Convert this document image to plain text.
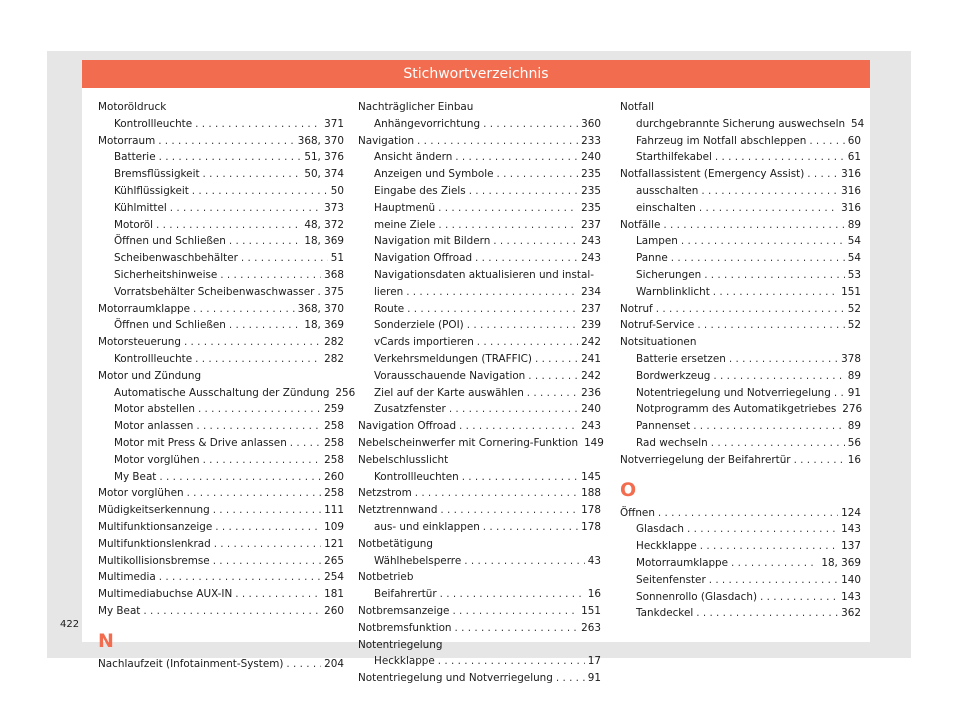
Stichwortverzeichnis
Motoröldruck
Kontrollleuchte . . .	371
Motorraum . . .	368, 370
Batterie . . .	51, 376
Bremsflüssigkeit . . .	50, 374
Kühlflüssigkeit . . .	50
Kühlmittel . . .	373
Motoröl . . .	48, 372
Öffnen und Schließen . . .	18, 369
Scheibenwaschbehälter . . .	51
Sicherheitshinweise . . .	368
Vorratsbehälter Scheibenwaschwasser . . . 375
Motorraumklappe . . .	368, 370
Öffnen und Schließen . . .	18, 369
Motorsteuerung . . .	282
Kontrollleuchte . . .	282
Motor und Zündung
Automatische Ausschaltung der Zündung 256
Motor abstellen . . .	259
Motor anlassen . . .	258
Motor mit Press & Drive anlassen . . .	258
Motor vorglühen . . .	258
My Beat . . .	260
Motor vorglühen . . .	258
Müdigkeitserkennung . . .	111
Multifunktionsanzeige . . .	109
Multifunktionslenkrad . . .	121
Multikollisionsbremse . . .	265
Multimedia . . .	254
Multimediabuchse AUX-IN . . .	181
My Beat . . .	260
N
Nachlaufzeit (Infotainment-System) . . .	204
Nachträglicher Einbau
Anhängevorrichtung . . .	360
Navigation . . .	233
Ansicht ändern . . .	240
Anzeigen und Symbole . . .	235
Eingabe des Ziels . . .	235
Hauptmenü . . .	235
meine Ziele . . .	237
Navigation mit Bildern . . .	243
Navigation Offroad . . .	243
Navigationsdaten aktualisieren und instal-
lieren . . .	234
Route . . .	237
Sonderziele (POI) . . .	239
vCards importieren . . .	242
Verkehrsmeldungen (TRAFFIC) . . .	241
Vorausschauende Navigation . . .	242
Ziel auf der Karte auswählen . . .	236
Zusatzfenster . . .	240
Navigation Offroad . . .	243
Nebelscheinwerfer mit Cornering-Funktion 149
Nebelschlusslicht
Kontrollleuchten . . .	145
Netzstrom . . .	188
Netztrennwand . . .	178
aus- und einklappen . . .	178
Notbetätigung
Wählhebelsperre . . .	43
Notbetrieb
Beifahrertür . . .	16
Notbremsanzeige . . .	151
Notbremsfunktion . . .	263
Notentriegelung
Heckklappe . . .	17
Notentriegelung und Notverriegelung . . .	91
Notfall
durchgebrannte Sicherung auswechseln 54
Fahrzeug im Notfall abschleppen . . .	60
Starthilfekabel . . .	61
Notfallassistent (Emergency Assist) . . .	316
ausschalten . . .	316
einschalten . . .	316
Notfälle . . .	89
Lampen . . .	54
Panne . . .	54
Sicherungen . . .	53
Warnblinklicht . . .	151
Notruf . . .	52
Notruf-Service . . .	52
Notsituationen
Batterie ersetzen . . .	378
Bordwerkzeug . . .	89
Notentriegelung und Notverriegelung . . . 91
Notprogramm des Automatikgetriebes 276
Pannenset . . .	89
Rad wechseln . . .	56
Notverriegelung der Beifahrertür . . .	16
O
Öffnen . . .	124
Glasdach . . .	143
Heckklappe . . .	137
Motorraumklappe . . .	18, 369
Seitenfenster . . .	140
Sonnenrollo (Glasdach) . . .	143
Tankdeckel . . .	362
422
